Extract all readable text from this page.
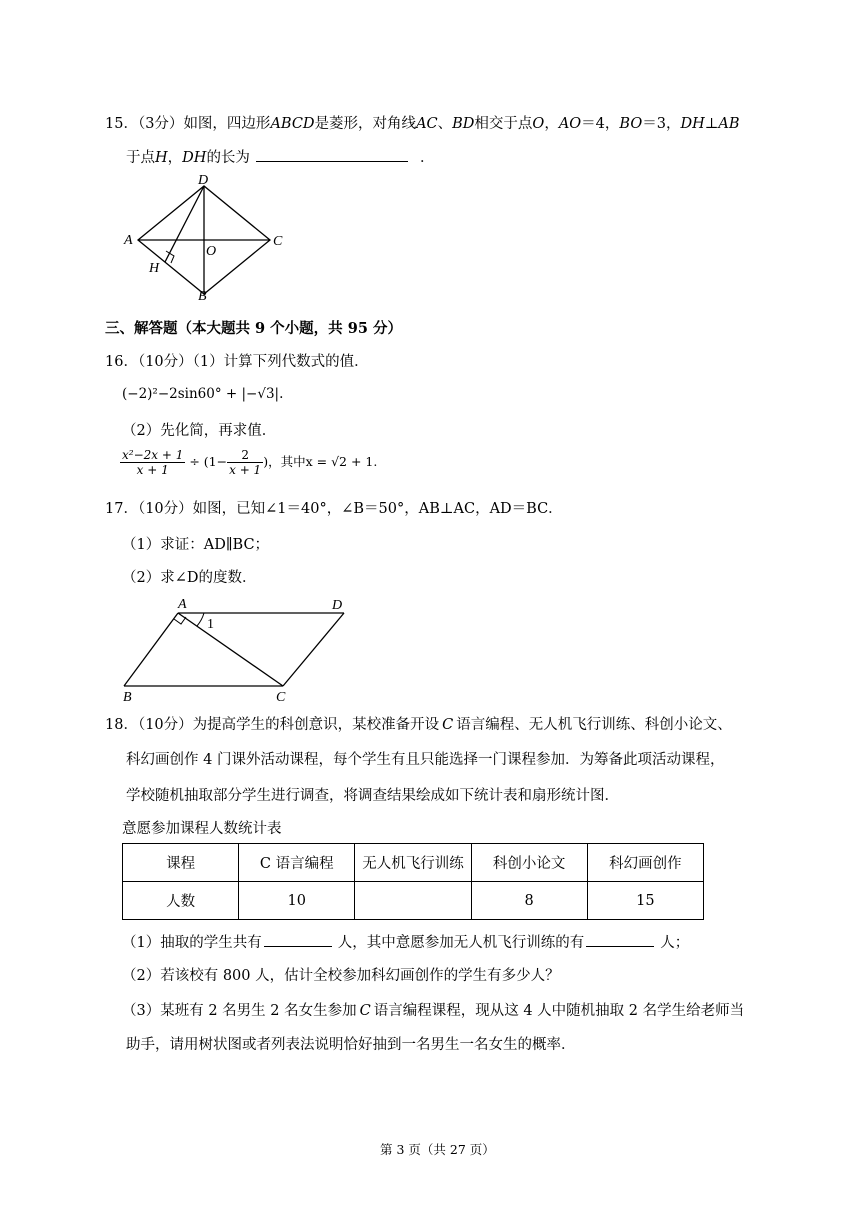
15．（3分）如图，四边形ABCD是菱形，对角线AC、BD相交于点O，AO＝4，BO＝3，DH⊥AB
于点H，DH的长为	．
D
A	C
B
O
H
三、解答题（本大题共 9 个小题，共 95 分）
16．（10分）（1）计算下列代数式的值．
(−2)²−2sin60° + |−√3|.
（2）先化简，再求值．
$\frac{\text{x²−2x + 1}}{x + 1} \div (1- \frac{2}{x + 1}$ )，其中x = √2 + 1.
17．（10分）如图，已知∠1＝40°，∠B＝50°，AB⊥AC，AD＝BC．
（1）求证：AD∥BC；
（2）求∠D的度数．
A	D
B	C
1
18．（10分）为提高学生的科创意识，某校准备开设 C 语言编程、无人机飞行训练、科创小论文、
科幻画创作 4 门课外活动课程，每个学生有且只能选择一门课程参加．为筹备此项活动课程，
学校随机抽取部分学生进行调查，将调查结果绘成如下统计表和扇形统计图．
意愿参加课程人数统计表
课程	C 语言编程	无人机飞行训练	科创小论文	科幻画创作
人数	10		8	15
（1）抽取的学生共有	人，其中意愿参加无人机飞行训练的有	人；
（2）若该校有 800 人，估计全校参加科幻画创作的学生有多少人？
（3）某班有 2 名男生 2 名女生参加 C 语言编程课程，现从这 4 人中随机抽取 2 名学生给老师当
助手，请用树状图或者列表法说明恰好抽到一名男生一名女生的概率．
第 3 页（共 27 页）
